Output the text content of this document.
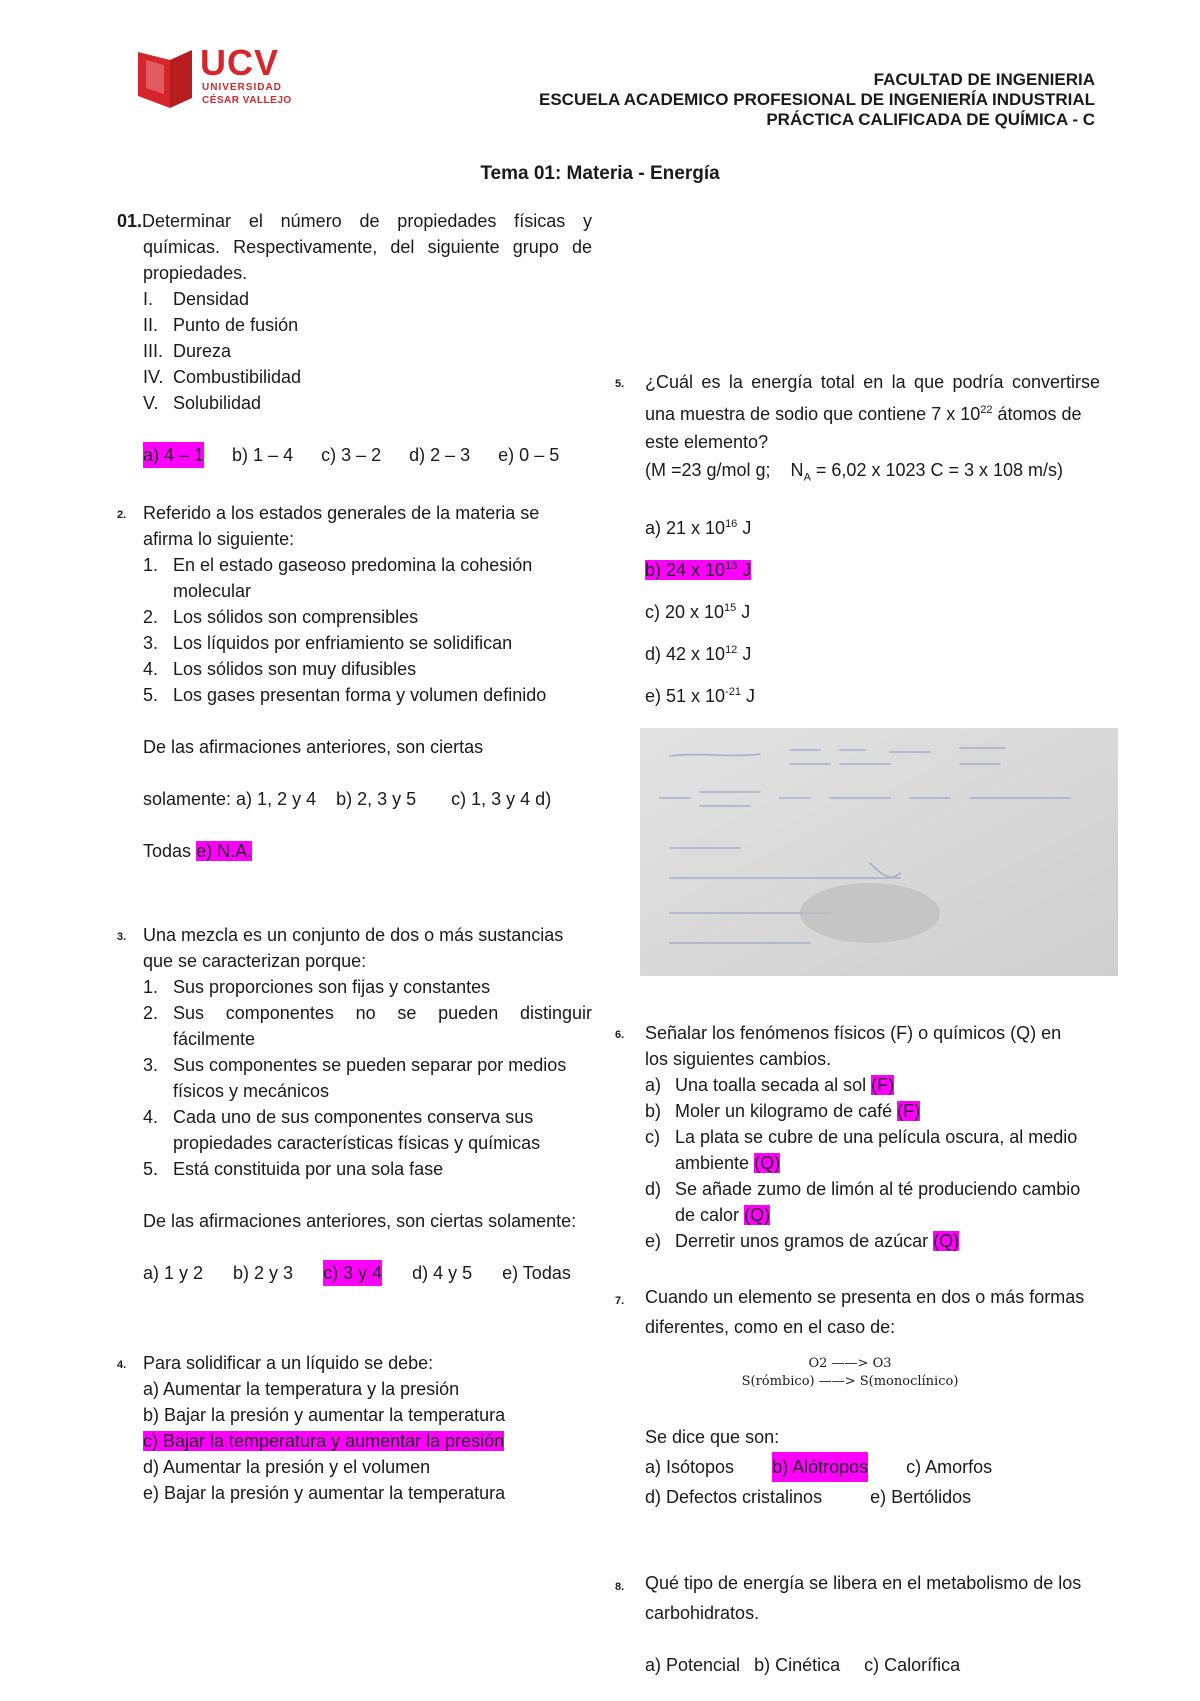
UCV
UNIVERSIDAD
CÉSAR VALLEJO
FACULTAD DE INGENIERIA
ESCUELA ACADEMICO PROFESIONAL DE INGENIERÍA INDUSTRIAL
PRÁCTICA CALIFICADA DE QUÍMICA - C
Tema 01: Materia - Energía
01.Determinar el número de propiedades físicas y
químicas. Respectivamente, del siguiente grupo de
propiedades.
I. Densidad
II. Punto de fusión
III. Dureza
IV. Combustibilidad
V. Solubilidad
a) 4 – 1 b) 1 – 4 c) 3 – 2 d) 2 – 3 e) 0 – 5
2. Referido a los estados generales de la materia se
afirma lo siguiente:
1. En el estado gaseoso predomina la cohesión
molecular
2. Los sólidos son comprensibles
3. Los líquidos por enfriamiento se solidifican
4. Los sólidos son muy difusibles
5. Los gases presentan forma y volumen definido
De las afirmaciones anteriores, son ciertas
solamente: a) 1, 2 y 4    b) 2, 3 y 5       c) 1, 3 y 4 d)
Todas e) N.A.
3. Una mezcla es un conjunto de dos o más sustancias
que se caracterizan porque:
1. Sus proporciones son fijas y constantes
2. Sus componentes no se pueden distinguir
fácilmente
3. Sus componentes se pueden separar por medios
físicos y mecánicos
4. Cada uno de sus componentes conserva sus
propiedades características físicas y químicas
5. Está constituida por una sola fase
De las afirmaciones anteriores, son ciertas solamente:
a) 1 y 2 b) 2 y 3 c) 3 y 4 d) 4 y 5 e) Todas
4. Para solidificar a un líquido se debe:
a) Aumentar la temperatura y la presión
b) Bajar la presión y aumentar la temperatura
c) Bajar la temperatura y aumentar la presión
d) Aumentar la presión y el volumen
e) Bajar la presión y aumentar la temperatura
5. ¿Cuál es la energía total en la que podría convertirse
una muestra de sodio que contiene 7 x $10^{22}$ átomos de
este elemento?
(M =23 g/mol g;    $N_A = 6,02$ x 1023 C = 3 x 108 m/s)
a) 21 x $10^{16}$ J
b) 24 x $10^{13}$ J
c) 20 x $10^{15}$ J
d) 42 x $10^{12}$ J
e) 51 x $10^{-21}$ J
6. Señalar los fenómenos físicos (F) o químicos (Q) en
los siguientes cambios.
a) Una toalla secada al sol (F)
b) Moler un kilogramo de café (F)
c) La plata se cubre de una película oscura, al medio
ambiente (Q)
d) Se añade zumo de limón al té produciendo cambio
de calor (Q)
e) Derretir unos gramos de azúcar (Q)
7. Cuando un elemento se presenta en dos o más formas
diferentes, como en el caso de:
O2 ——> O3
S(rómbico) ——> S(monoclínico)
Se dice que son:
a) Isótopos b) Alótropos c) Amorfos
d) Defectos cristalinos	e) Bertólidos
8. Qué tipo de energía se libera en el metabolismo de los
carbohidratos.
a) Potencial b) Cinética c) Calorífica
